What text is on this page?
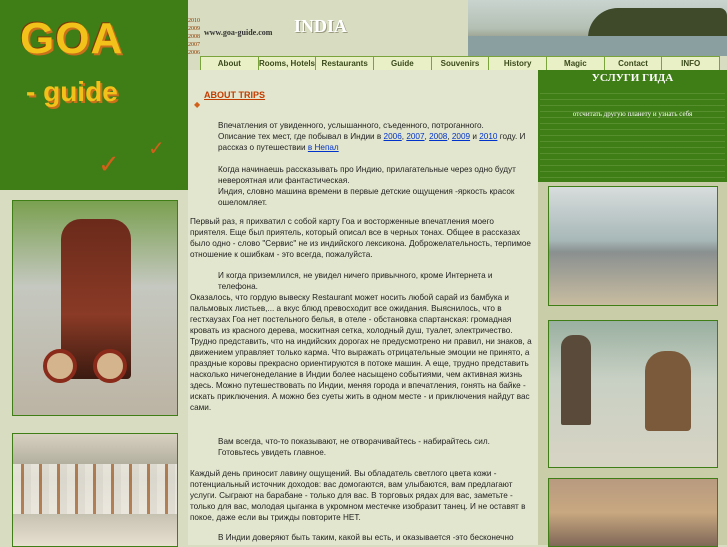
GOA
- guide
✓
✓
2010
2009
2008
2007
2006
www.goa-guide.com INDIA
About	Rooms, Hotels Restaurants	Guide	Souvenirs	History	Magic	Contact	INFO
◆
ABOUT TRIPS
Впечатления от увиденного, услышанного, съеденного, потроганного.
Описание тех мест, где побывал в Индии в 2006, 2007, 2008, 2009 и 2010 году. И
рассказ о путешествии в Непал
Когда начинаешь рассказывать про Индию, прилагательные через одно будут невероятная или фантастическая.
Индия, словно машина времени в первые детские ощущения -яркость красок ошеломляет.
Первый раз, я прихватил с собой карту Гоа и восторженные впечатления моего приятеля. Еще был приятель, который описал все в черных тонах. Общее в рассказах было одно - слово "Сервис" не из индийского лексикона. Доброжелательность, терпимое отношение к ошибкам - это всегда, пожалуйста.
И когда приземлился, не увидел ничего привычного, кроме Интернета и телефона.
Оказалось, что гордую вывеску Restaurant может носить любой сарай из бамбука и пальмовых листьев,... а вкус блюд превосходит все ожидания. Выяснилось, что в гестхаузах Гоа нет постельного белья, в отеле - обстановка спартанская: громадная кровать из красного дерева, москитная сетка, холодный душ, туалет, электричество. Трудно представить, что на индийских дорогах не предусмотрено ни правил, ни знаков, а движением управляет только карма. Что выражать отрицательные эмоции не принято, а праздные коровы прекрасно ориентируются в потоке машин. А еще, трудно представить насколько ничегонеделание в Индии более насыщено событиями, чем активная жизнь здесь. Можно путешествовать по Индии, меняя города и впечатления, гонять на байке - искать приключения. А можно без суеты жить в одном месте - и приключения найдут вас сами.
Вам всегда, что-то показывают, не отворачивайтесь - набирайтесь сил. Готовьтесь увидеть главное.
Каждый день приносит лавину ощущений. Вы обладатель светлого цвета кожи - потенциальный источник доходов: вас домогаются, вам улыбаются, вам предлагают услуги. Сыграют на барабане - только для вас. В торговых рядах для вас, заметьте - только для вас, молодая цыганка в укромном местечке изобразит танец. И не оставят в покое, даже если вы трижды повторите НЕТ.
В Индии доверяют быть таким, какой вы есть, и оказывается -это бесконечно
УСЛУГИ ГИДА
отсчитать другую планету и узнать себя
